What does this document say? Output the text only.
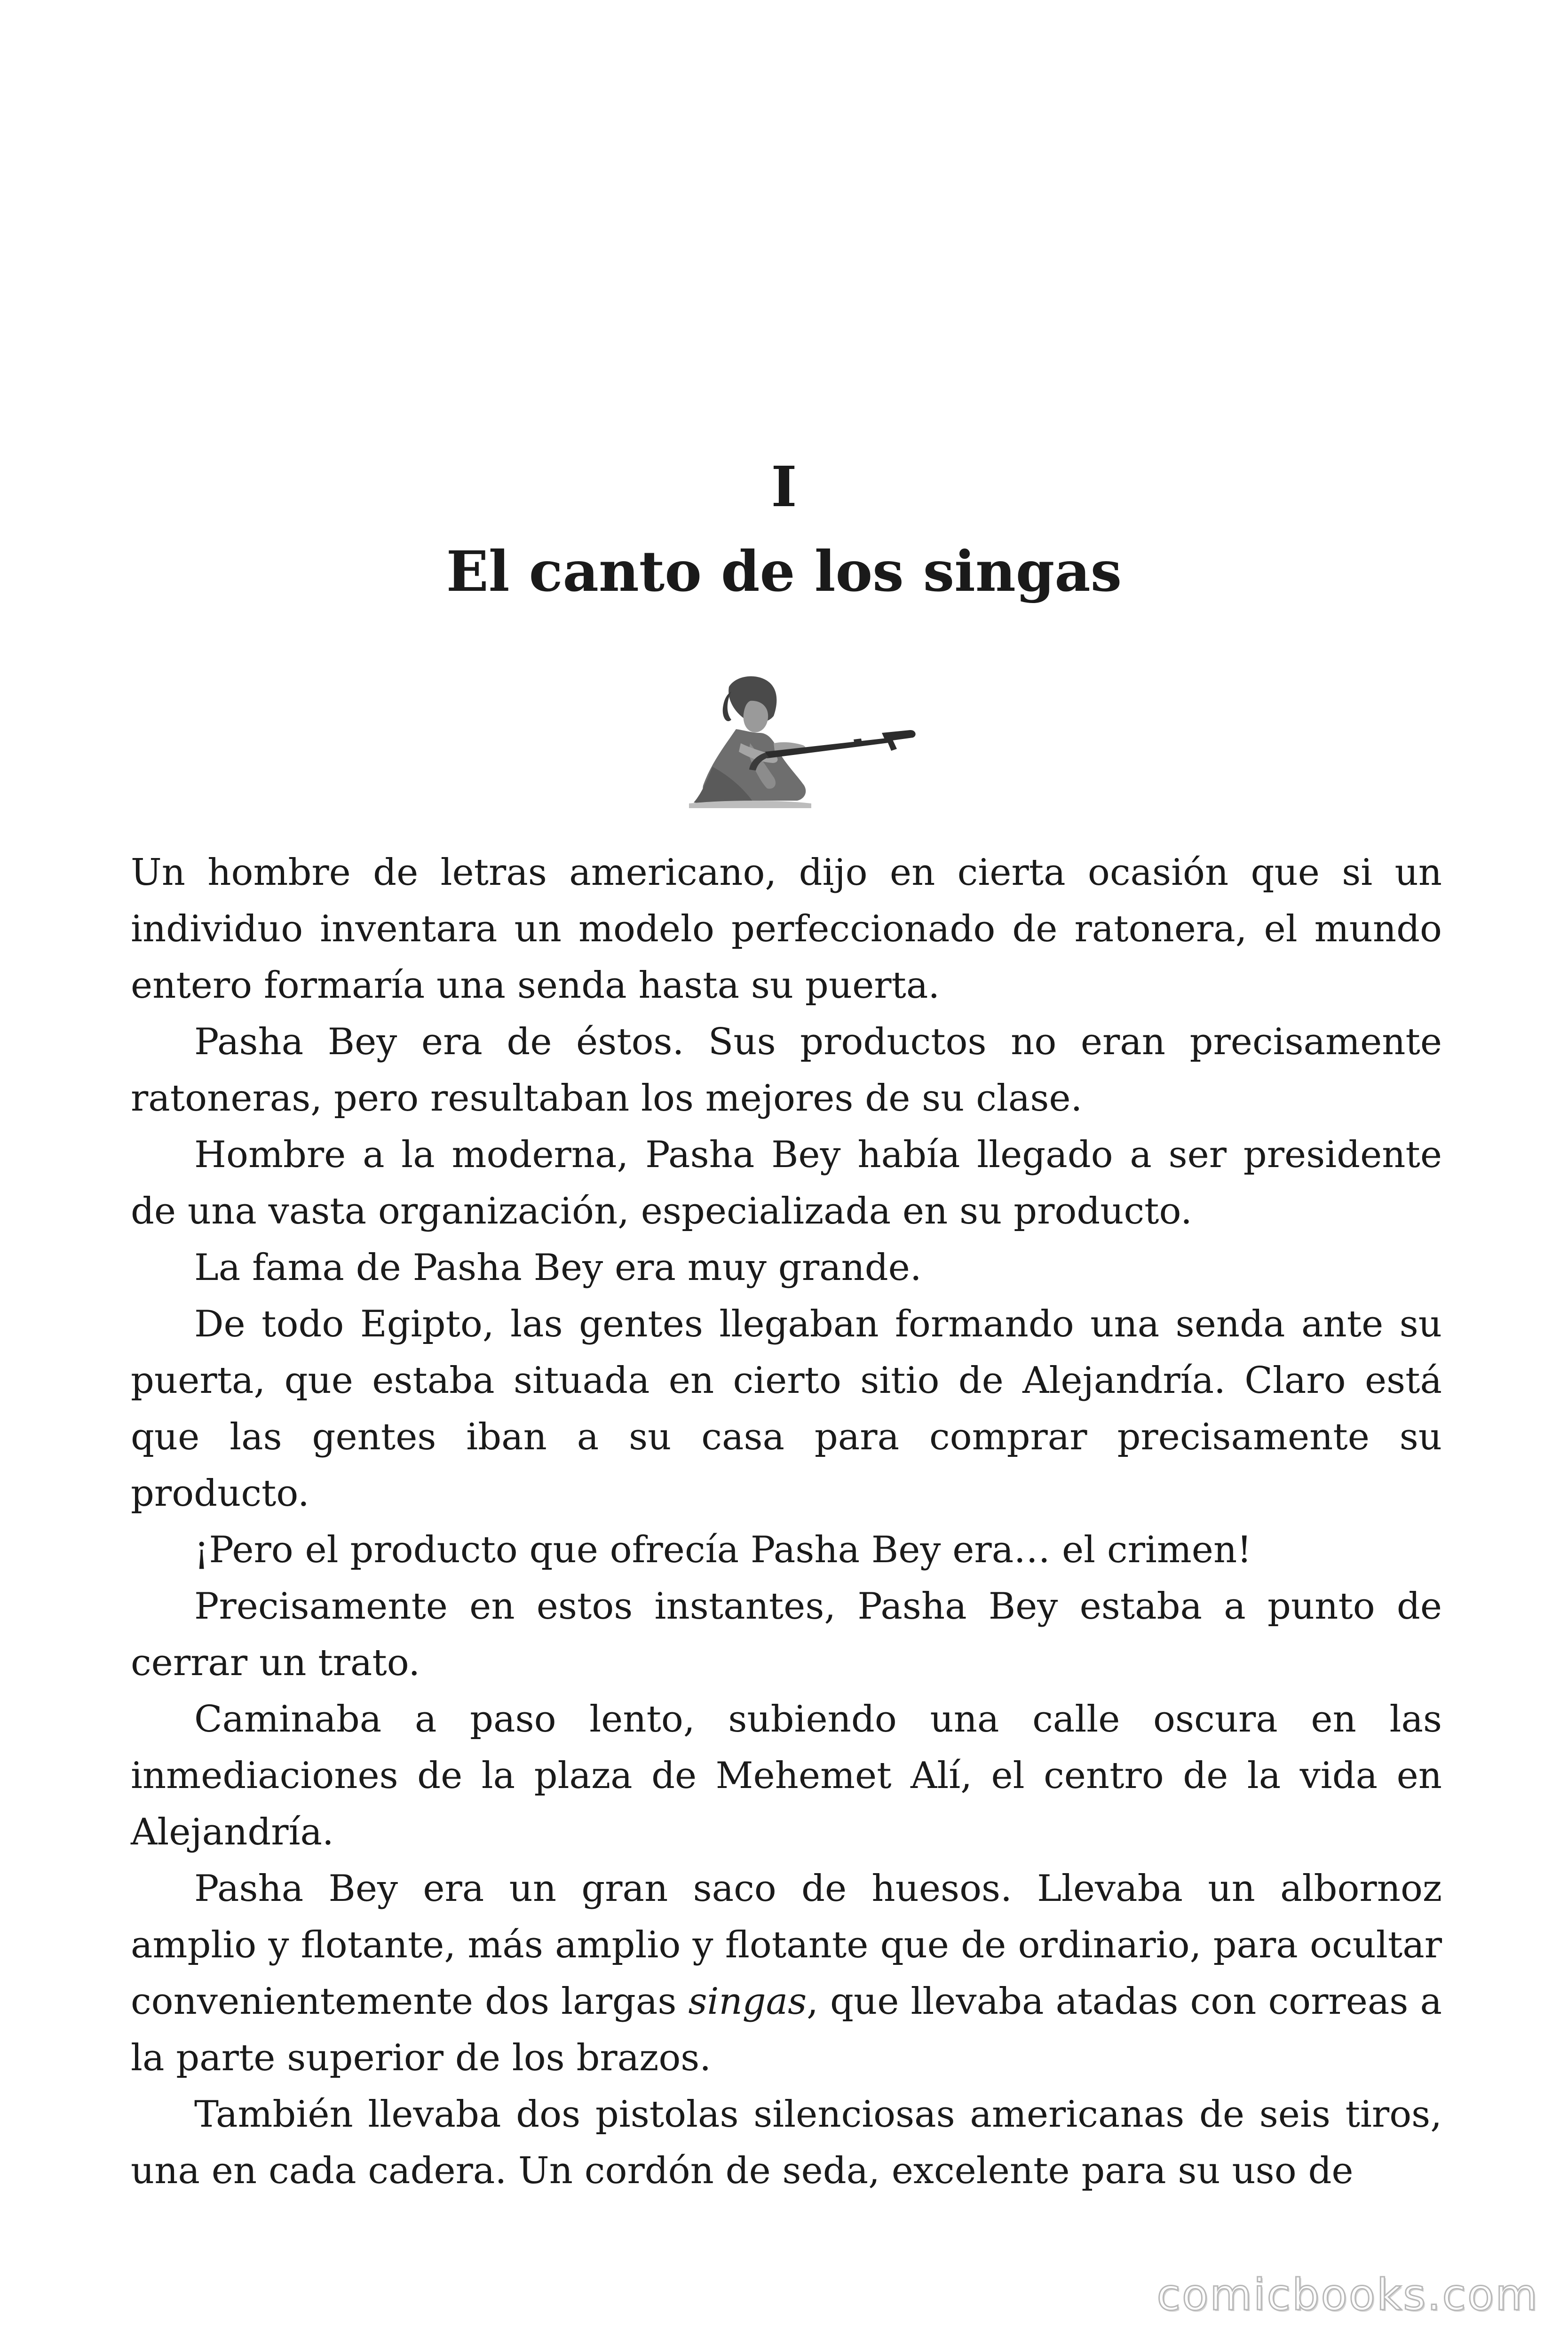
I
El canto de los singas

Un hombre de letras americano, dijo en cierta ocasión que si un individuo inventara un modelo perfeccionado de ratonera, el mundo entero formaría una senda hasta su puerta.

Pasha Bey era de éstos. Sus productos no eran precisamente ratoneras, pero resultaban los mejores de su clase.

Hombre a la moderna, Pasha Bey había llegado a ser presidente de una vasta organización, especializada en su producto.

La fama de Pasha Bey era muy grande.

De todo Egipto, las gentes llegaban formando una senda ante su puerta, que estaba situada en cierto sitio de Alejandría. Claro está que las gentes iban a su casa para comprar precisamente su producto.

¡Pero el producto que ofrecía Pasha Bey era… el crimen!

Precisamente en estos instantes, Pasha Bey estaba a punto de cerrar un trato.

Caminaba a paso lento, subiendo una calle oscura en las inmediaciones de la plaza de Mehemet Alí, el centro de la vida en Alejandría.

Pasha Bey era un gran saco de huesos. Llevaba un albornoz amplio y flotante, más amplio y flotante que de ordinario, para ocultar convenientemente dos largas singas, que llevaba atadas con correas a la parte superior de los brazos.

También llevaba dos pistolas silenciosas americanas de seis tiros, una en cada cadera. Un cordón de seda, excelente para su uso de

comicbooks.com
